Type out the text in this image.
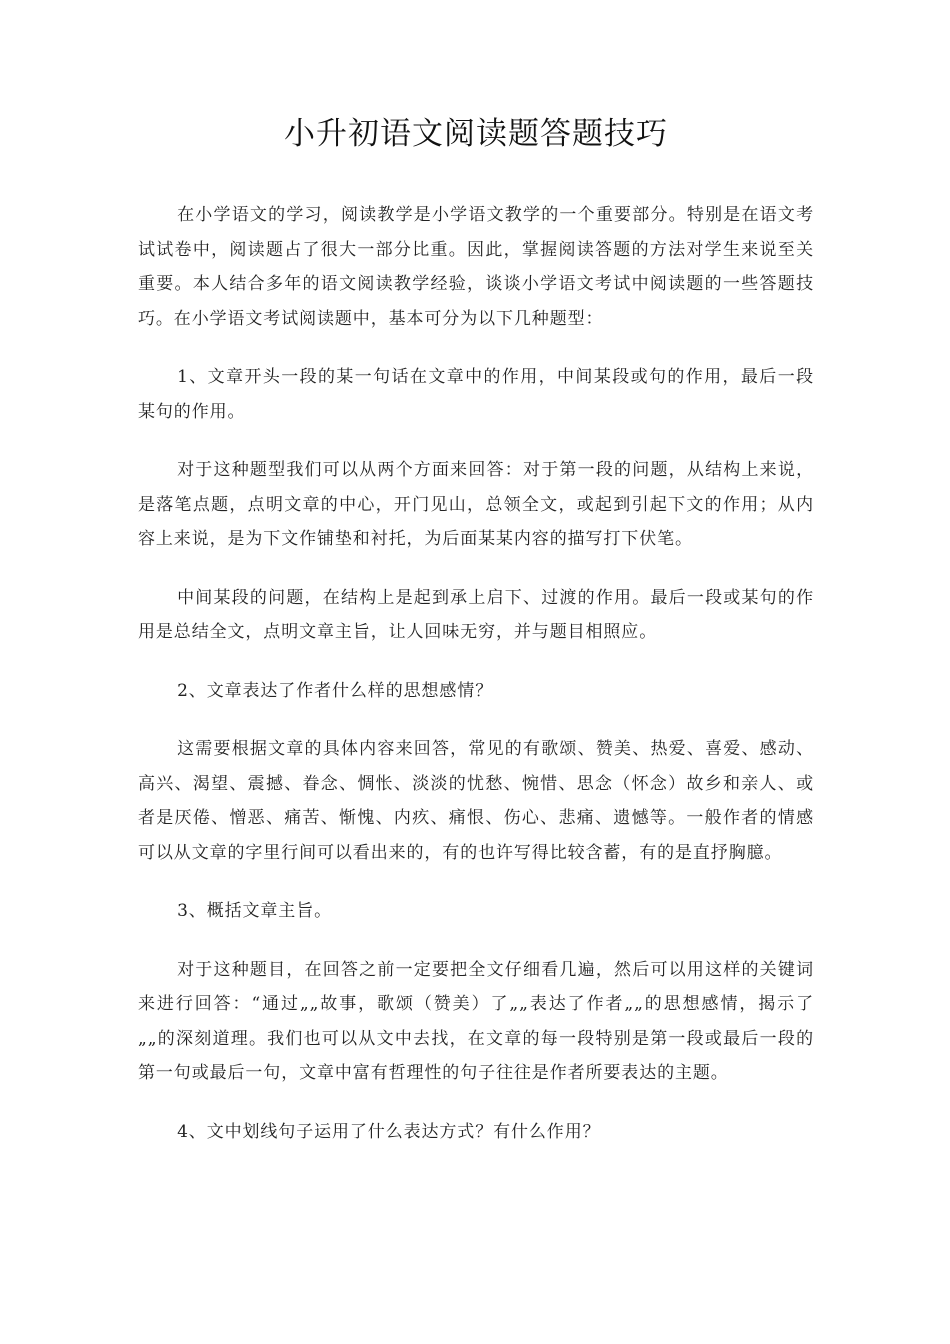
小升初语文阅读题答题技巧

在小学语文的学习，阅读教学是小学语文教学的一个重要部分。特别是在语文考试试卷中，阅读题占了很大一部分比重。因此，掌握阅读答题的方法对学生来说至关重要。本人结合多年的语文阅读教学经验，谈谈小学语文考试中阅读题的一些答题技巧。在小学语文考试阅读题中，基本可分为以下几种题型：

1、文章开头一段的某一句话在文章中的作用，中间某段或句的作用，最后一段某句的作用。

对于这种题型我们可以从两个方面来回答：对于第一段的问题，从结构上来说，是落笔点题，点明文章的中心，开门见山，总领全文，或起到引起下文的作用；从内容上来说，是为下文作铺垫和衬托，为后面某某内容的描写打下伏笔。

中间某段的问题，在结构上是起到承上启下、过渡的作用。最后一段或某句的作用是总结全文，点明文章主旨，让人回味无穷，并与题目相照应。

2、文章表达了作者什么样的思想感情？

这需要根据文章的具体内容来回答，常见的有歌颂、赞美、热爱、喜爱、感动、高兴、渴望、震撼、眷念、惆怅、淡淡的忧愁、惋惜、思念（怀念）故乡和亲人、或者是厌倦、憎恶、痛苦、惭愧、内疚、痛恨、伤心、悲痛、遗憾等。一般作者的情感可以从文章的字里行间可以看出来的，有的也许写得比较含蓄，有的是直抒胸臆。

3、概括文章主旨。

对于这种题目，在回答之前一定要把全文仔细看几遍，然后可以用这样的关键词来进行回答：“通过„„故事，歌颂（赞美）了„„表达了作者„„的思想感情，揭示了„„的深刻道理。我们也可以从文中去找，在文章的每一段特别是第一段或最后一段的第一句或最后一句，文章中富有哲理性的句子往往是作者所要表达的主题。

4、文中划线句子运用了什么表达方式？有什么作用？
